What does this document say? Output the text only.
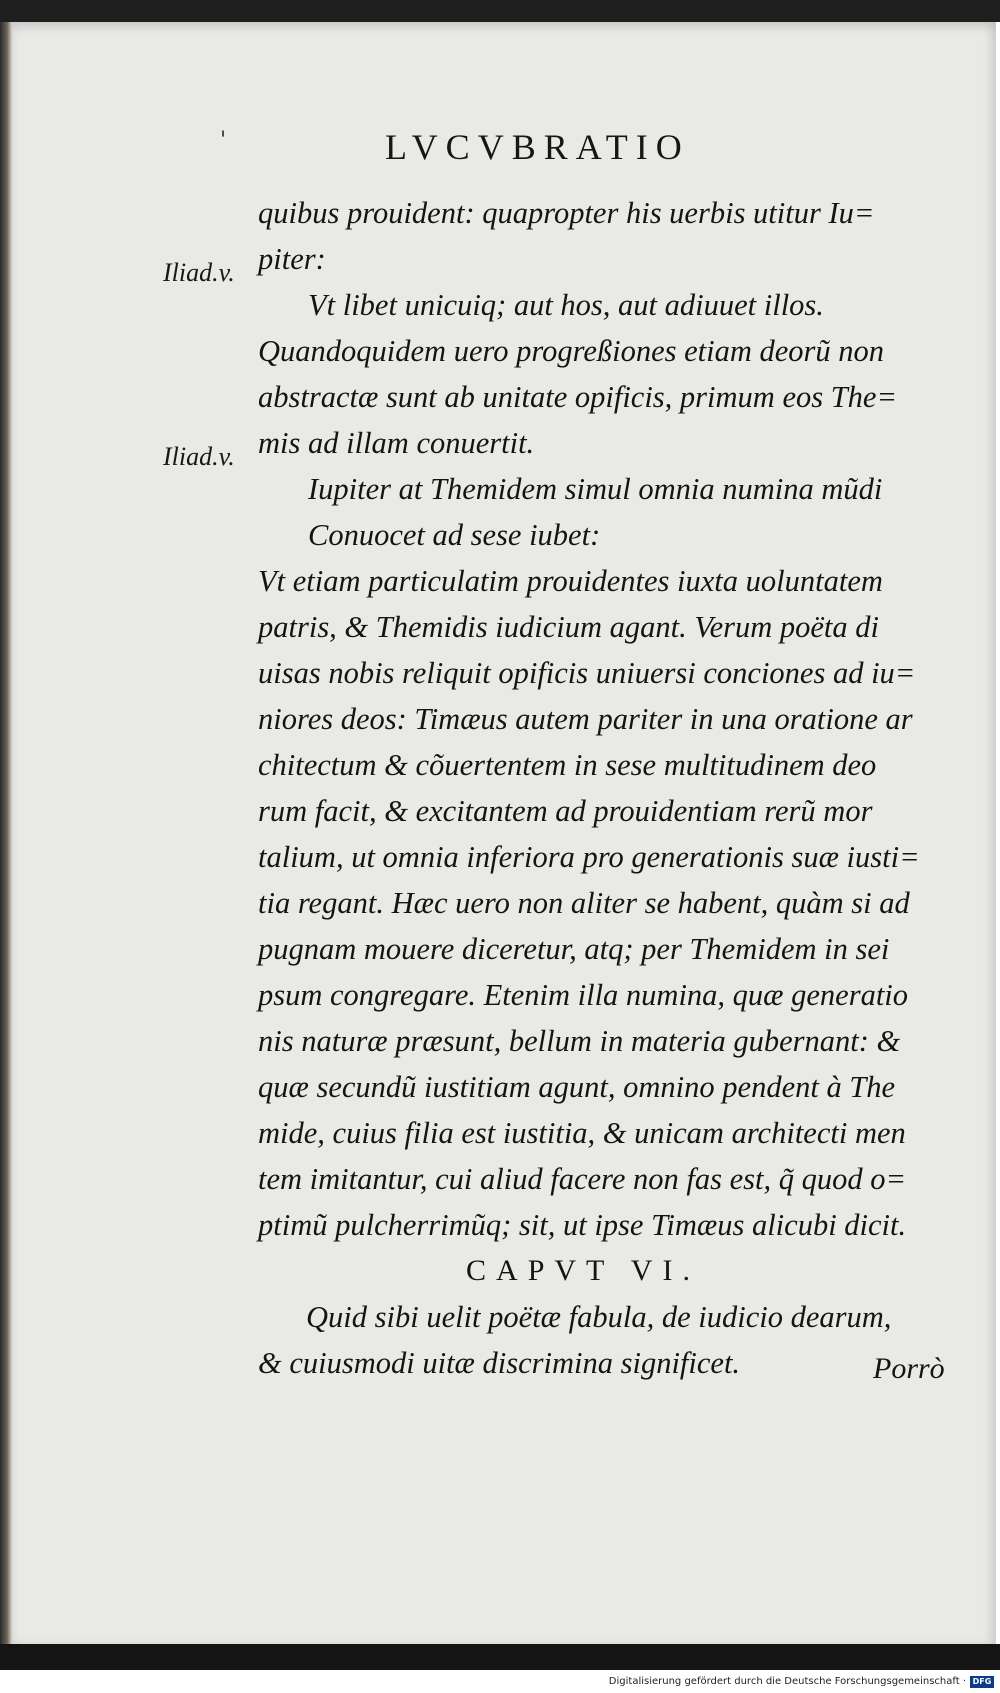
'	LVCVBRATIO
Iliad.v.
Iliad.v.
quibus prouident: quapropter his uerbis utitur Iu=
piter:
Vt libet unicuiq; aut hos, aut adiuuet illos.
Quandoquidem uero progreßiones etiam deorũ non
abstractæ sunt ab unitate opificis, primum eos The=
mis ad illam conuertit.
Iupiter at Themidem simul omnia numina mũdi
Conuocet ad sese iubet:
Vt etiam particulatim prouidentes iuxta uoluntatem
patris, & Themidis iudicium agant. Verum poëta di
uisas nobis reliquit opificis uniuersi conciones ad iu=
niores deos: Timæus autem pariter in una oratione ar
chitectum & cõuertentem in sese multitudinem deo
rum facit, & excitantem ad prouidentiam rerũ mor
talium, ut omnia inferiora pro generationis suæ iusti=
tia regant. Hæc uero non aliter se habent, quàm si ad
pugnam mouere diceretur, atq; per Themidem in sei
psum congregare. Etenim illa numina, quæ generatio
nis naturæ præsunt, bellum in materia gubernant: &
quæ secundũ iustitiam agunt, omnino pendent à The
mide, cuius filia est iustitia, & unicam architecti men
tem imitantur, cui aliud facere non fas est, q̃ quod o=
ptimũ pulcherrimũq; sit, ut ipse Timæus alicubi dicit.
CAPVT VI.
Quid sibi uelit poëtæ fabula, de iudicio dearum,
& cuiusmodi uitæ discrimina significet.	Porrò
Digitalisierung gefördert durch die Deutsche Forschungsgemeinschaft · DFG
